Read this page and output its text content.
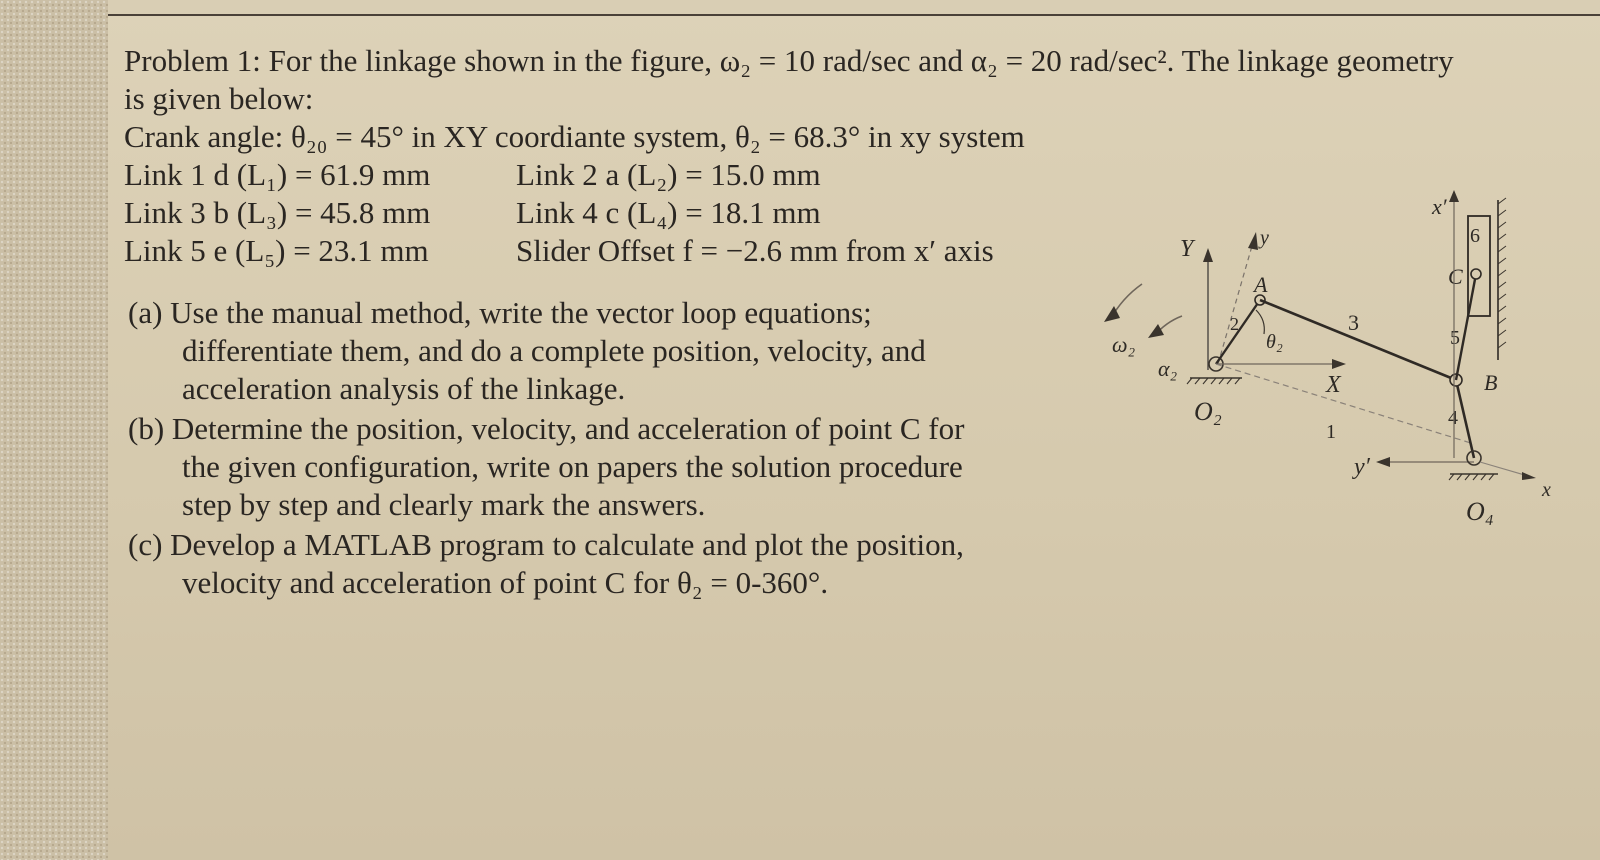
Problem 1: For the linkage shown in the figure, ω₂ = 10 rad/sec and α₂ = 20 rad/sec². The linkage geometry
is given below:
Crank angle: θ₂₀ = 45° in XY coordiante system, θ₂ = 68.3° in xy system
Link 1 d (L₁) = 61.9 mm	Link 2 a (L₂) = 15.0 mm
Link 3 b (L₃) = 45.8 mm	Link 4 c (L₄) = 18.1 mm
Link 5 e (L₅) = 23.1 mm	Slider Offset f = −2.6 mm from x′ axis
(a) Use the manual method, write the vector loop equations;
differentiate them, and do a complete position, velocity, and
acceleration analysis of the linkage.
(b) Determine the position, velocity, and acceleration of point C for
the given configuration, write on papers the solution procedure
step by step and clearly mark the answers.
(c) Develop a MATLAB program to calculate and plot the position,
velocity and acceleration of point C for θ₂ = 0-360°.
ω₂
α₂
Y	y
O₂
X
2
A
θ₂
3
1
4
B
5
6
C
x′
y′
O₄
x
